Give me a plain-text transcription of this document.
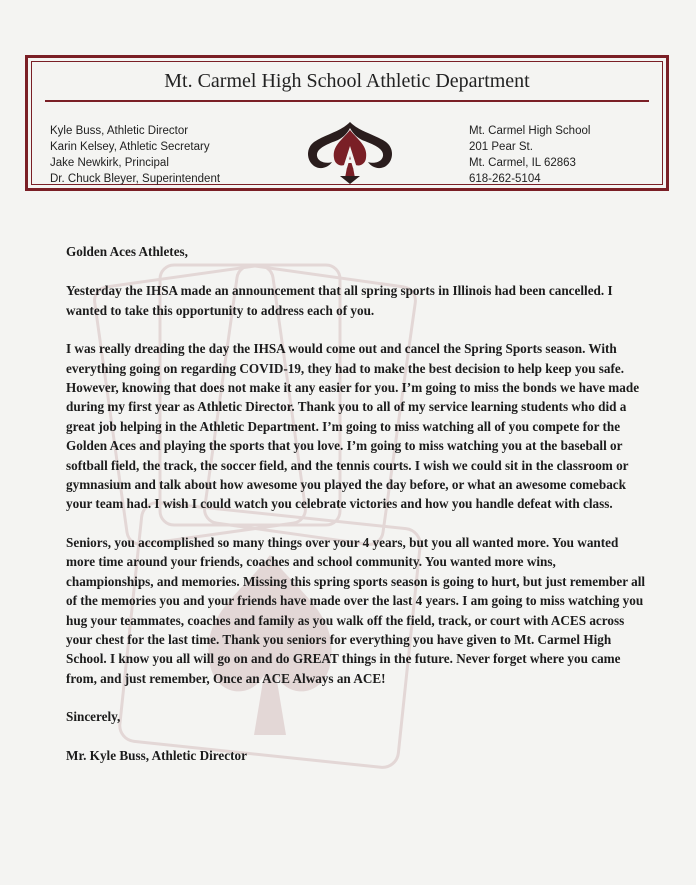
Mt. Carmel High School Athletic Department
Kyle Buss, Athletic Director
Karin Kelsey, Athletic Secretary
Jake Newkirk, Principal
Dr. Chuck Bleyer, Superintendent
Mt. Carmel High School
201 Pear St.
Mt. Carmel, IL 62863
618-262-5104

Golden Aces Athletes,

Yesterday the IHSA made an announcement that all spring sports in Illinois had been cancelled. I wanted to take this opportunity to address each of you.

I was really dreading the day the IHSA would come out and cancel the Spring Sports season. With everything going on regarding COVID-19, they had to make the best decision to help keep you safe. However, knowing that does not make it any easier for you. I’m going to miss the bonds we have made during my first year as Athletic Director. Thank you to all of my service learning students who did a great job helping in the Athletic Department. I’m going to miss watching all of you compete for the Golden Aces and playing the sports that you love. I’m going to miss watching you at the baseball or softball field, the track, the soccer field, and the tennis courts. I wish we could sit in the classroom or gymnasium and talk about how awesome you played the day before, or what an awesome comeback your team had. I wish I could watch you celebrate victories and how you handle defeat with class.

Seniors, you accomplished so many things over your 4 years, but you all wanted more. You wanted more time around your friends, coaches and school community. You wanted more wins, championships, and memories. Missing this spring sports season is going to hurt, but just remember all of the memories you and your friends have made over the last 4 years. I am going to miss watching you hug your teammates, coaches and family as you walk off the field, track, or court with ACES across your chest for the last time. Thank you seniors for everything you have given to Mt. Carmel High School. I know you all will go on and do GREAT things in the future. Never forget where you came from, and just remember, Once an ACE Always an ACE!

Sincerely,

Mr. Kyle Buss, Athletic Director
